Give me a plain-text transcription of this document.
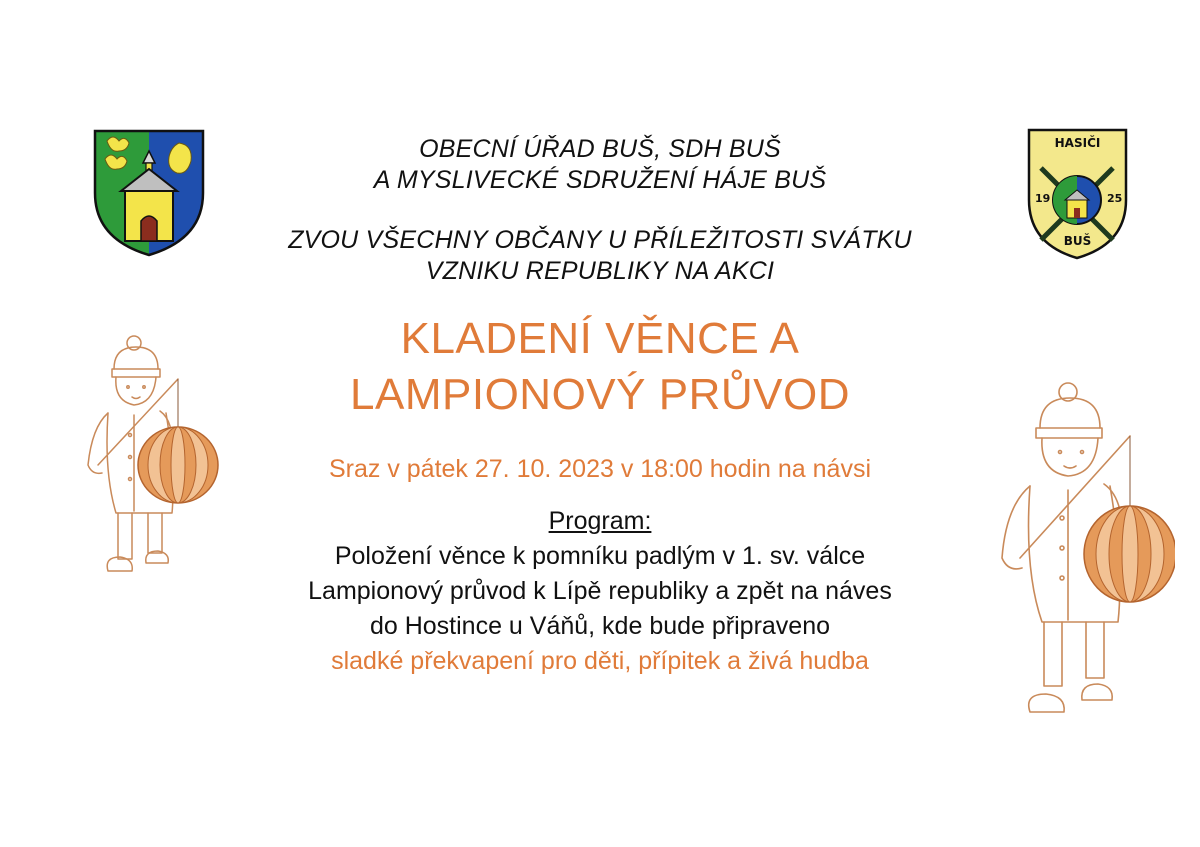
HASIČI
19	25
BUŠ
OBECNÍ ÚŘAD BUŠ, SDH BUŠ
A MYSLIVECKÉ SDRUŽENÍ HÁJE BUŠ
ZVOU VŠECHNY OBČANY U PŘÍLEŽITOSTI SVÁTKU
VZNIKU REPUBLIKY NA AKCI
KLADENÍ VĚNCE A
LAMPIONOVÝ PRŮVOD
Sraz v pátek 27. 10. 2023 v 18:00 hodin na návsi
Program:
Položení věnce k pomníku padlým v 1. sv. válce
Lampionový průvod k Lípě republiky a zpět na náves
do Hostince u Váňů, kde bude připraveno
sladké překvapení pro děti, přípitek a živá hudba
